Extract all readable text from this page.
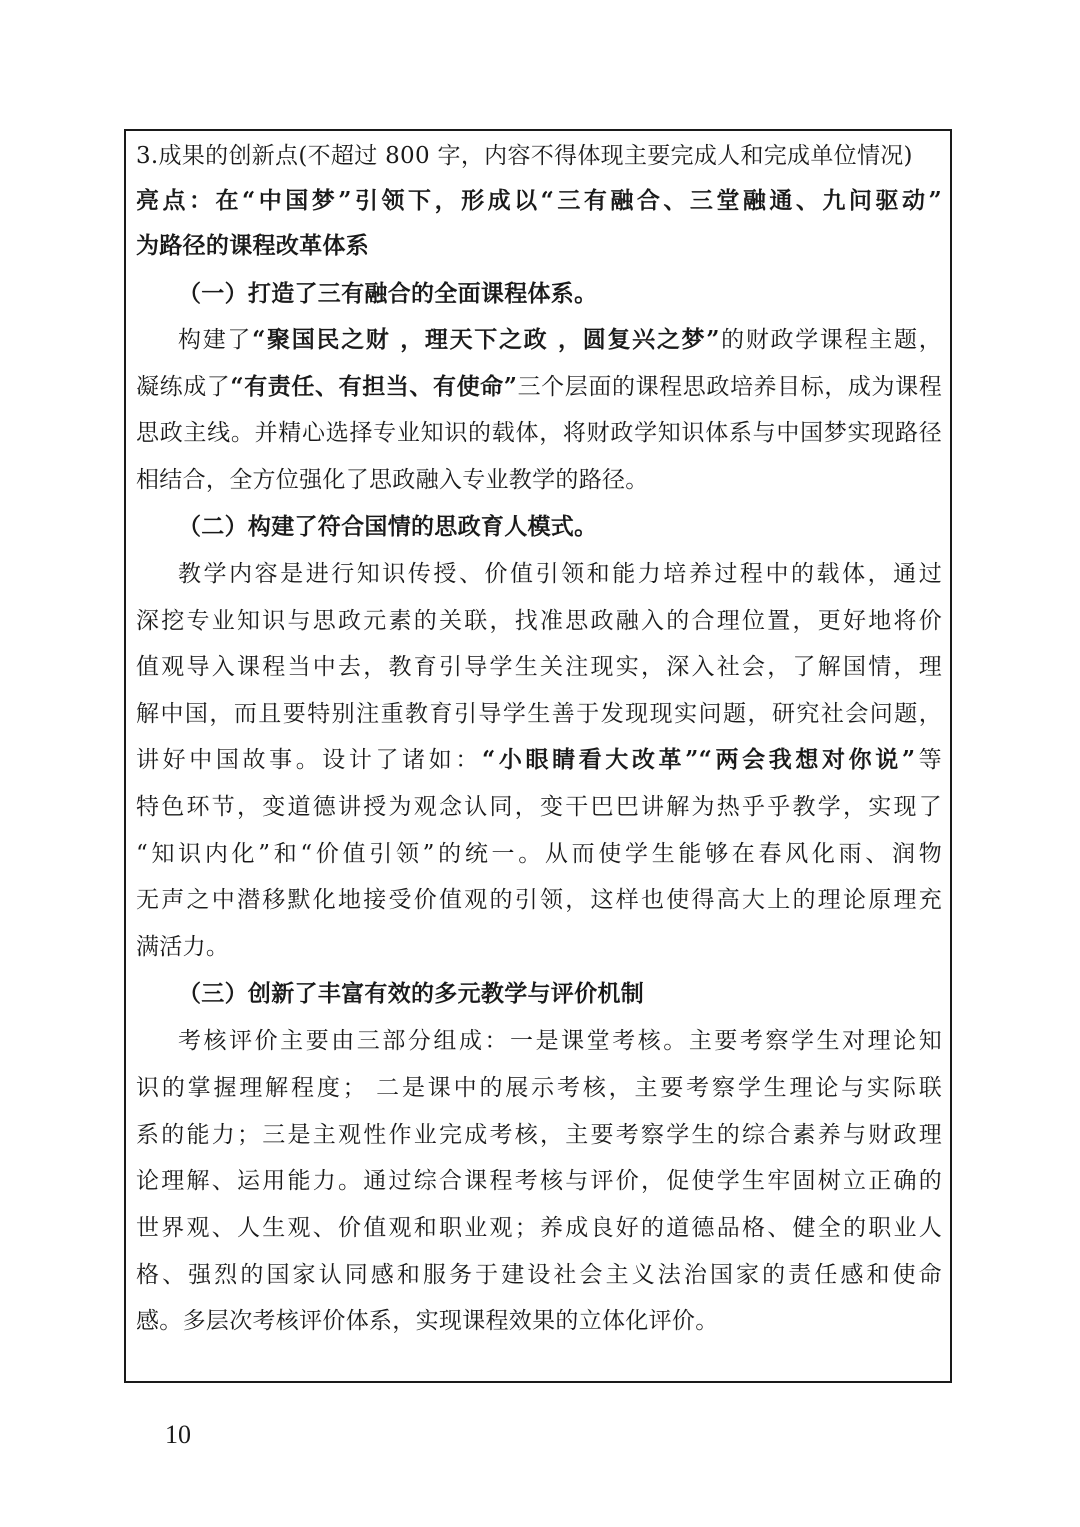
3.成果的创新点(不超过 800 字，内容不得体现主要完成人和完成单位情况)
亮点：在“中国梦”引领下，形成以“三有融合、三堂融通、九问驱动”
为路径的课程改革体系
（一）打造了三有融合的全面课程体系。
构建了“聚国民之财 ，理天下之政 ，圆复兴之梦”的财政学课程主题，
凝练成了“有责任、有担当、有使命”三个层面的课程思政培养目标，成为课程
思政主线。并精心选择专业知识的载体，将财政学知识体系与中国梦实现路径
相结合，全方位强化了思政融入专业教学的路径。
（二）构建了符合国情的思政育人模式。
教学内容是进行知识传授、价值引领和能力培养过程中的载体，通过
深挖专业知识与思政元素的关联，找准思政融入的合理位置，更好地将价
值观导入课程当中去，教育引导学生关注现实，深入社会，了解国情，理
解中国，而且要特别注重教育引导学生善于发现现实问题，研究社会问题，
讲好中国故事。设计了诸如：“小眼睛看大改革”“两会我想对你说”等
特色环节，变道德讲授为观念认同，变干巴巴讲解为热乎乎教学，实现了
“知识内化”和“价值引领”的统一。从而使学生能够在春风化雨、润物
无声之中潜移默化地接受价值观的引领，这样也使得高大上的理论原理充
满活力。
（三）创新了丰富有效的多元教学与评价机制
考核评价主要由三部分组成：一是课堂考核。主要考察学生对理论知
识的掌握理解程度； 二是课中的展示考核，主要考察学生理论与实际联
系的能力；三是主观性作业完成考核，主要考察学生的综合素养与财政理
论理解、运用能力。通过综合课程考核与评价，促使学生牢固树立正确的
世界观、人生观、价值观和职业观；养成良好的道德品格、健全的职业人
格、强烈的国家认同感和服务于建设社会主义法治国家的责任感和使命
感。多层次考核评价体系，实现课程效果的立体化评价。
10
